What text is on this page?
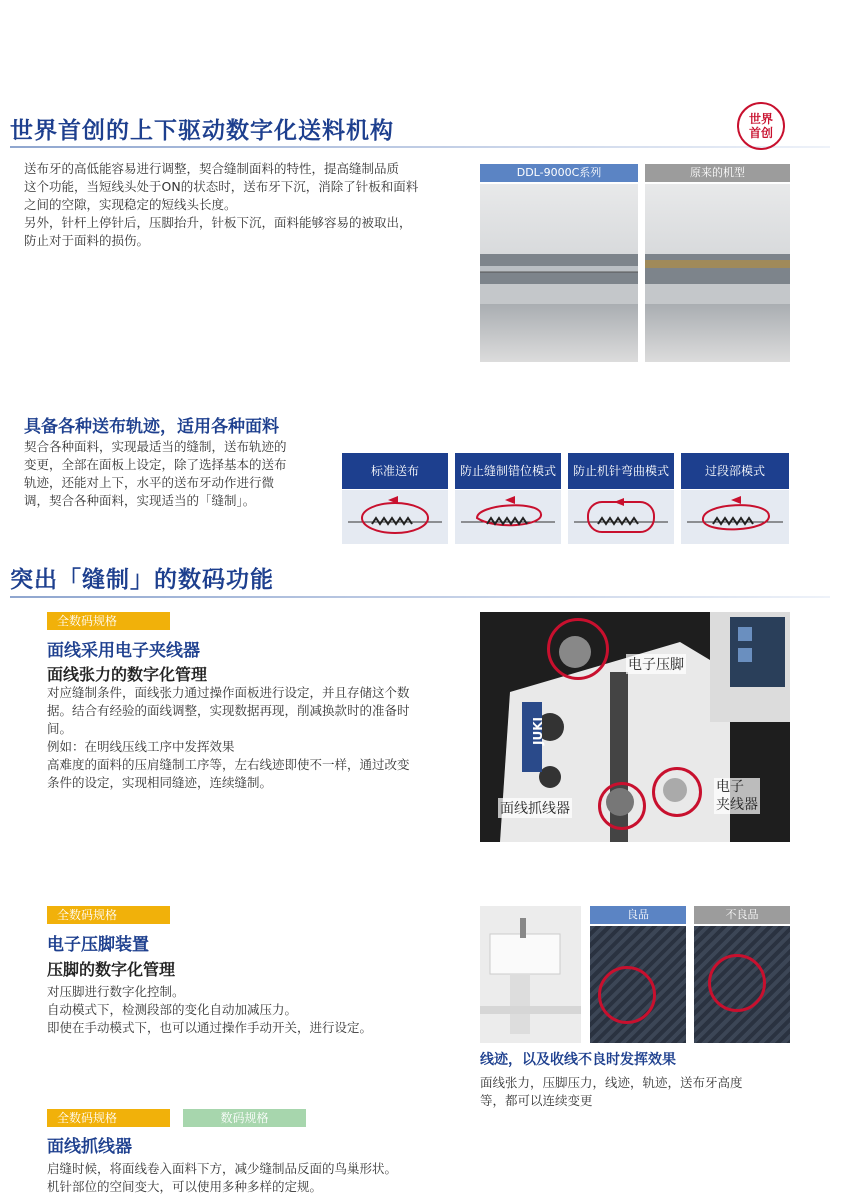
世界首创的上下驱动数字化送料机构	世界
首创
送布牙的高低能容易进行调整，契合缝制面料的特性，提高缝制品质
这个功能，当短线头处于ON的状态时，送布牙下沉，消除了针板和面料
之间的空隙，实现稳定的短线头长度。
另外，针杆上停针后，压脚抬升，针板下沉，面料能够容易的被取出，
防止对于面料的损伤。
DDL-9000C系列	原来的机型
具备各种送布轨迹，适用各种面料
契合各种面料，实现最适当的缝制，送布轨迹的
变更，全部在面板上设定，除了选择基本的送布
轨迹，还能对上下，水平的送布牙动作进行微
调，契合各种面料，实现适当的「缝制」。
标准送布	防止缝制错位模式	防止机针弯曲模式	过段部模式
突出「缝制」的数码功能
全数码规格
面线采用电子夹线器
面线张力的数字化管理
对应缝制条件，面线张力通过操作面板进行设定，并且存储这个数
据。结合有经验的面线调整，实现数据再现，削减换款时的准备时
间。
例如：在明线压线工序中发挥效果
高难度的面料的压肩缝制工序等，左右线迹即使不一样，通过改变
条件的设定，实现相同缝迹，连续缝制。
JUKI
电子压脚
电子
夹线器
面线抓线器
全数码规格
电子压脚装置
压脚的数字化管理
对压脚进行数字化控制。
自动模式下，检测段部的变化自动加减压力。
即使在手动模式下，也可以通过操作手动开关，进行设定。
良品	不良品
线迹，以及收线不良时发挥效果
面线张力，压脚压力，线迹，轨迹，送布牙高度
等，都可以连续变更
全数码规格	数码规格
面线抓线器
启缝时候，将面线卷入面料下方，减少缝制品反面的鸟巢形状。
机针部位的空间变大，可以使用多种多样的定规。
